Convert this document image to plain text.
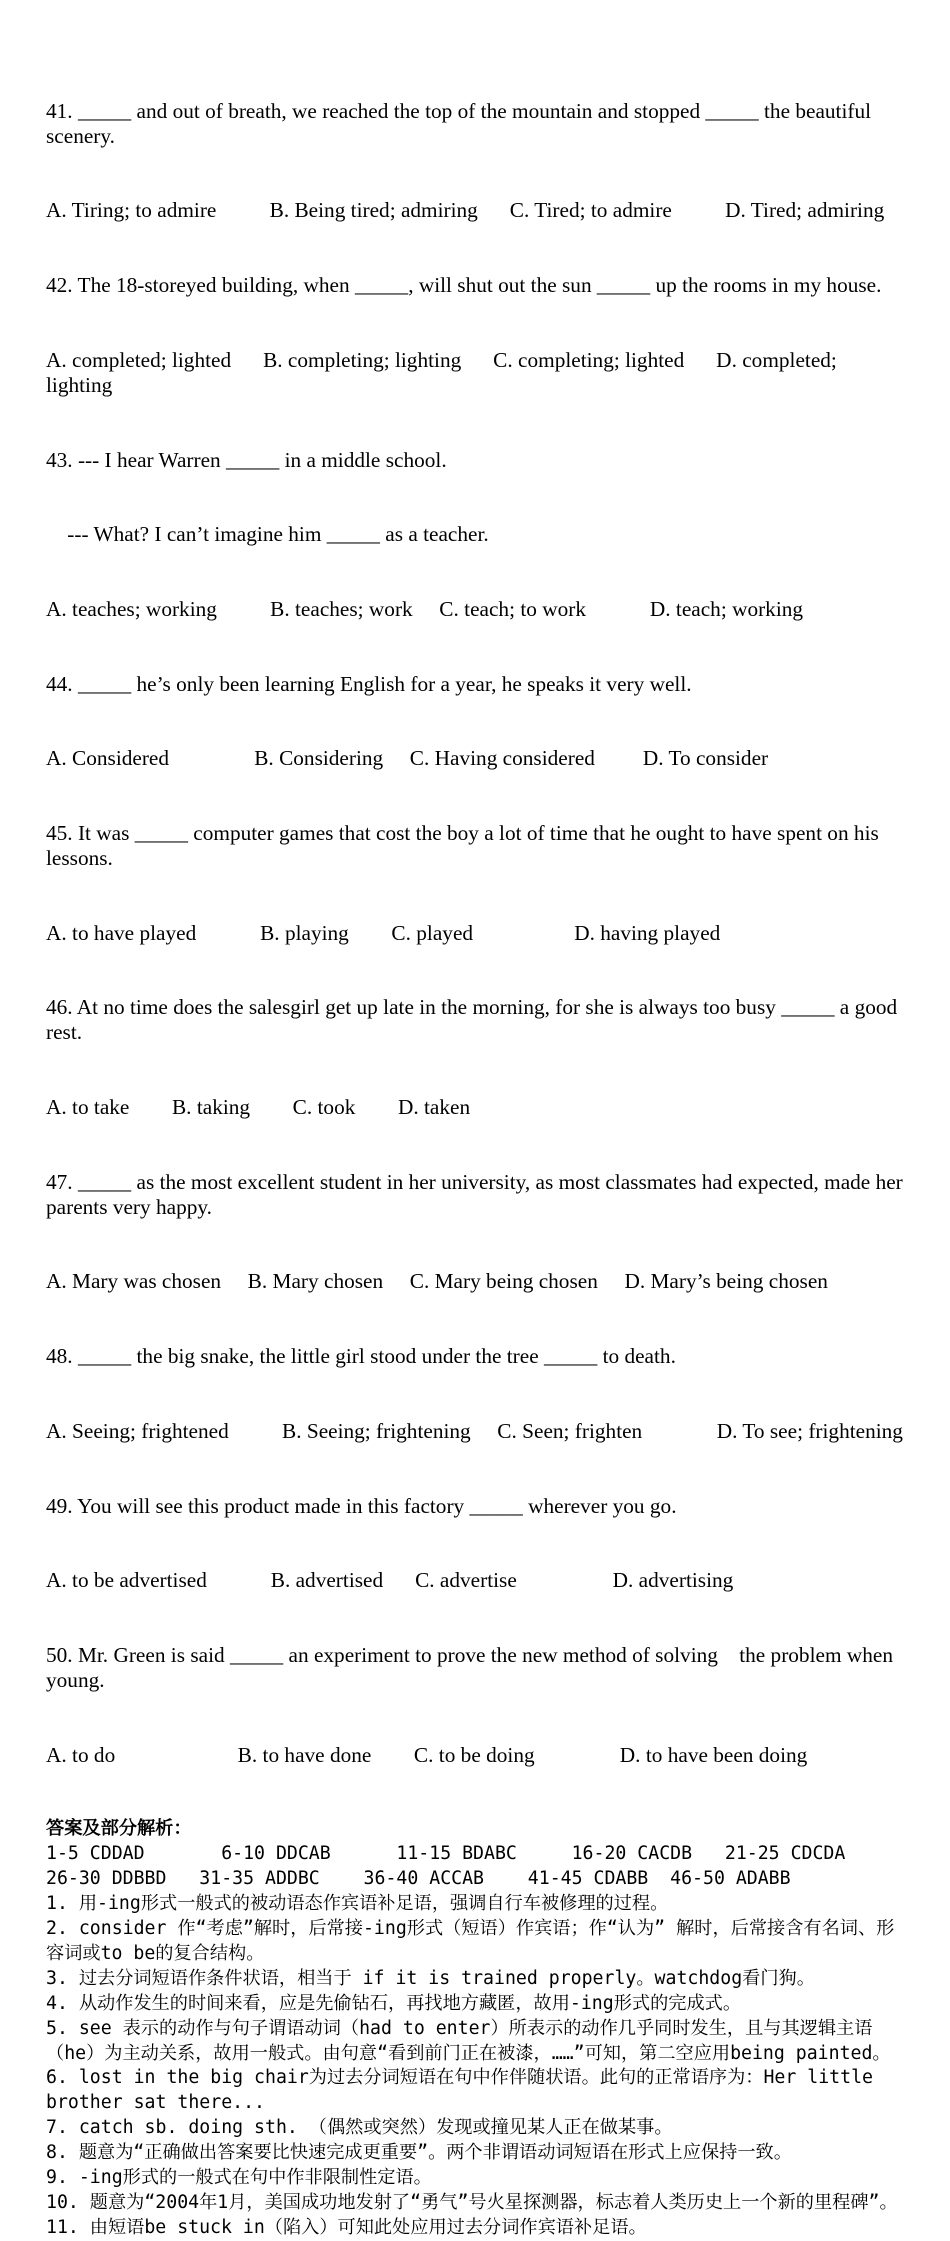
41. _____ and out of breath, we reached the top of the mountain and stopped _____ the beautiful scenery.

A. Tiring; to admire          B. Being tired; admiring      C. Tired; to admire          D. Tired; admiring

42. The 18-storeyed building, when _____, will shut out the sun _____ up the rooms in my house.

A. completed; lighted      B. completing; lighting      C. completing; lighted      D. completed; lighting

43. --- I hear Warren _____ in a middle school.

--- What? I can’t imagine him _____ as a teacher.

A. teaches; working          B. teaches; work     C. teach; to work            D. teach; working

44. _____ he’s only been learning English for a year, he speaks it very well.

A. Considered                B. Considering     C. Having considered         D. To consider

45. It was _____ computer games that cost the boy a lot of time that he ought to have spent on his lessons.

A. to have played            B. playing        C. played                   D. having played

46. At no time does the salesgirl get up late in the morning, for she is always too busy _____ a good rest.

A. to take        B. taking        C. took        D. taken

47. _____ as the most excellent student in her university, as most classmates had expected, made her parents very happy.

A. Mary was chosen     B. Mary chosen     C. Mary being chosen     D. Mary’s being chosen

48. _____ the big snake, the little girl stood under the tree _____ to death.

A. Seeing; frightened          B. Seeing; frightening     C. Seen; frighten              D. To see; frightening

49. You will see this product made in this factory _____ wherever you go.

A. to be advertised            B. advertised      C. advertise                  D. advertising

50. Mr. Green is said _____ an experiment to prove the new method of solving    the problem when young.

A. to do                       B. to have done        C. to be doing                D. to have been doing

答案及部分解析：

1-5 CDDAD       6-10 DDCAB      11-15 BDABC     16-20 CACDB   21-25 CDCDA

26-30 DDBBD   31-35 ADDBC    36-40 ACCAB    41-45 CDABB  46-50 ADABB

1. 用-ing形式一般式的被动语态作宾语补足语，强调自行车被修理的过程。

2. consider 作“考虑”解时，后常接-ing形式（短语）作宾语；作“认为” 解时，后常接含有名词、形容词或to be的复合结构。

3. 过去分词短语作条件状语，相当于 if it is trained properly。watchdog看门狗。

4. 从动作发生的时间来看，应是先偷钻石，再找地方藏匿，故用-ing形式的完成式。

5. see 表示的动作与句子谓语动词（had to enter）所表示的动作几乎同时发生，且与其逻辑主语（he）为主动关系，故用一般式。由句意“看到前门正在被漆，……”可知，第二空应用being painted。

6. lost in the big chair为过去分词短语在句中作伴随状语。此句的正常语序为：Her little brother sat there...

7. catch sb. doing sth. （偶然或突然）发现或撞见某人正在做某事。

8. 题意为“正确做出答案要比快速完成更重要”。两个非谓语动词短语在形式上应保持一致。

9. -ing形式的一般式在句中作非限制性定语。

10. 题意为“2004年1月，美国成功地发射了“勇气”号火星探测器，标志着人类历史上一个新的里程碑”。

11. 由短语be stuck in（陷入）可知此处应用过去分词作宾语补足语。
